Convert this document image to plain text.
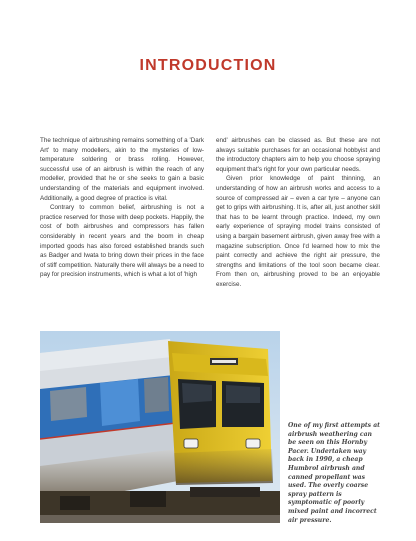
INTRODUCTION

The technique of airbrushing remains something of a 'Dark Art' to many modellers, akin to the mysteries of low-temperature soldering or brass rolling. However, successful use of an airbrush is within the reach of any modeller, provided that he or she seeks to gain a basic understanding of the materials and equipment involved. Additionally, a good degree of practice is vital.

Contrary to common belief, airbrushing is not a practice reserved for those with deep pockets. Happily, the cost of both airbrushes and compressors has fallen considerably in recent years and the boom in cheap imported goods has also forced established brands such as Badger and Iwata to bring down their prices in the face of stiff competition. Naturally there will always be a need to pay for precision instruments, which is what a lot of 'high

end' airbrushes can be classed as. But these are not always suitable purchases for an occasional hobbyist and the introductory chapters aim to help you choose spraying equipment that's right for your own particular needs.

Given prior knowledge of paint thinning, an understanding of how an airbrush works and access to a source of compressed air – even a car tyre – anyone can get to grips with airbrushing. It is, after all, just another skill that has to be learnt through practice. Indeed, my own early experience of spraying model trains consisted of using a bargain basement airbrush, given away free with a magazine subscription. Once I'd learned how to mix the paint correctly and achieve the right air pressure, the strengths and limitations of the tool soon became clear. From then on, airbrushing proved to be an enjoyable exercise.

One of my first attempts at airbrush weathering can be seen on this Hornby Pacer. Undertaken way back in 1990, a cheap Humbrol airbrush and canned propellant was used. The overly coarse spray pattern is symptomatic of poorly mixed paint and incorrect air pressure.
